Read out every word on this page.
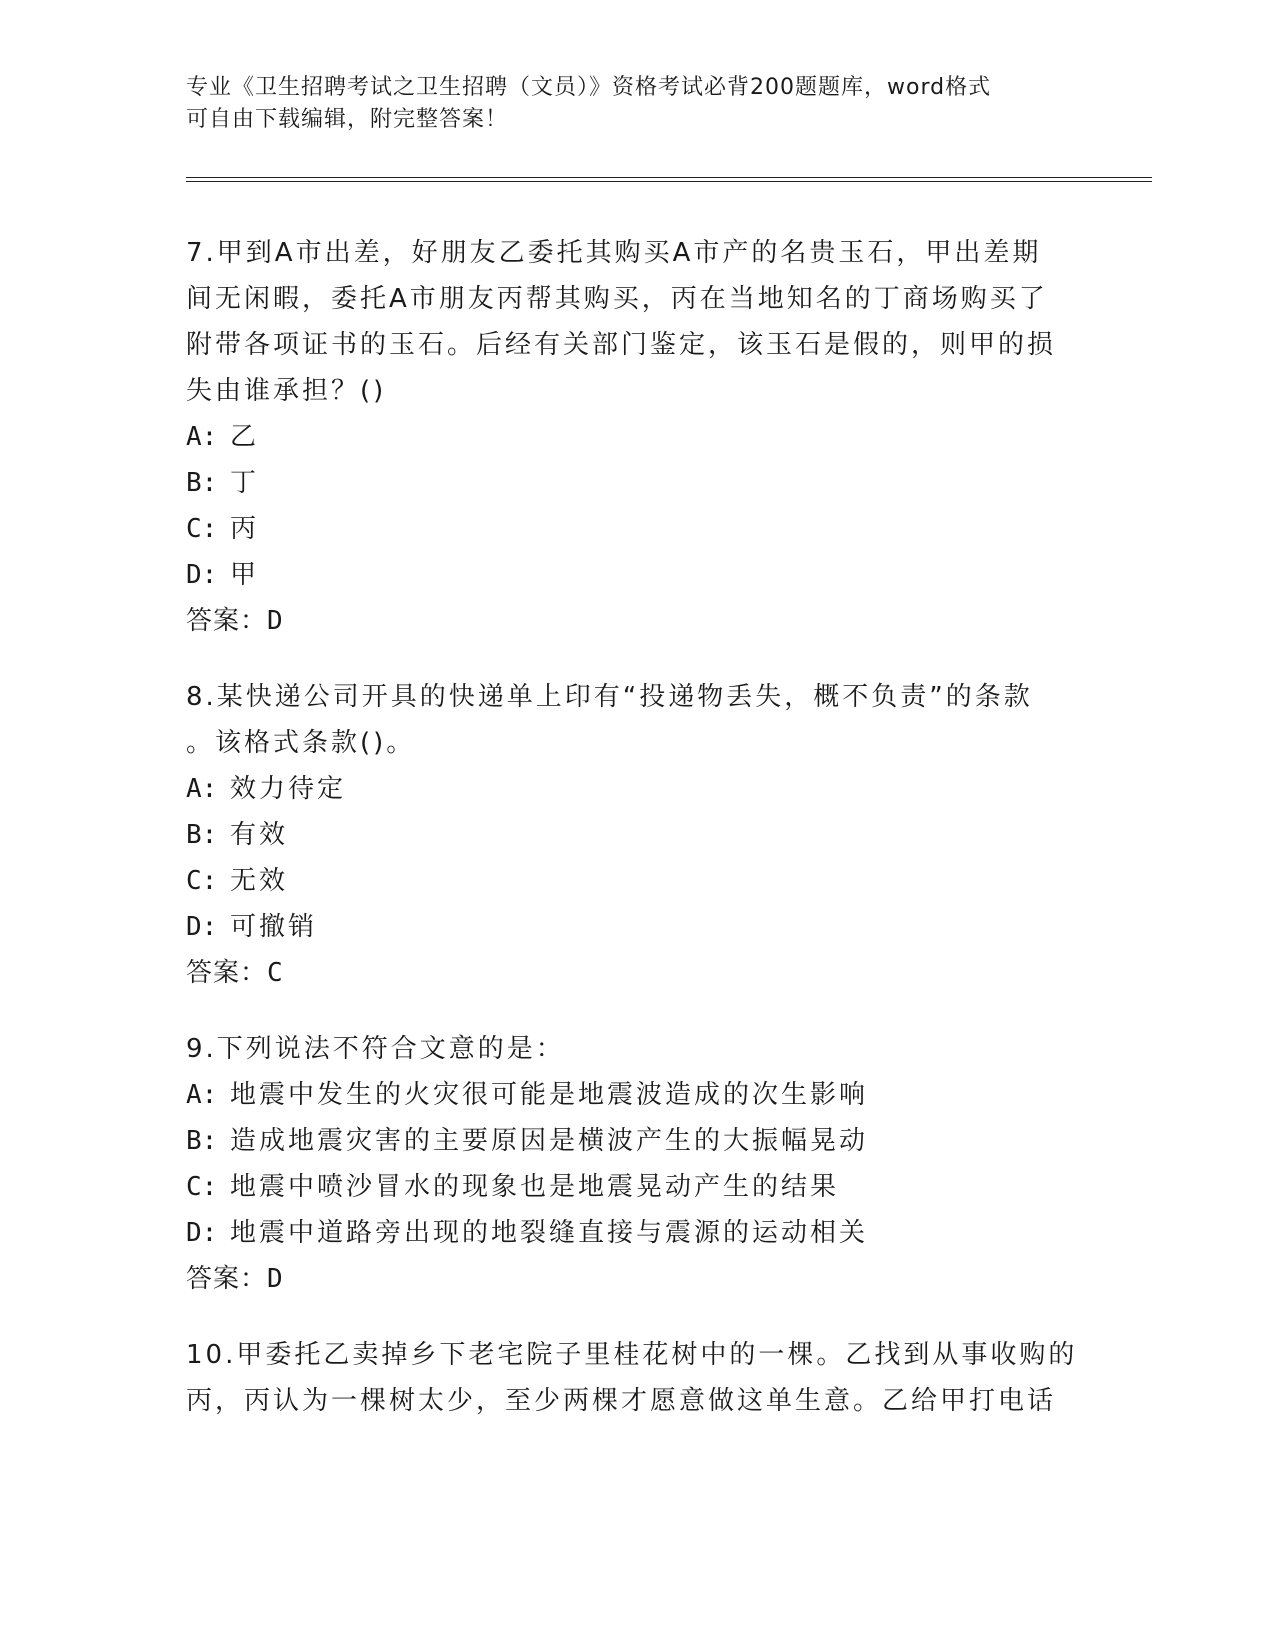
专业《卫生招聘考试之卫生招聘（文员）》资格考试必背200题题库，word格式
可自由下载编辑，附完整答案！
7.甲到A市出差，好朋友乙委托其购买A市产的名贵玉石，甲出差期
间无闲暇，委托A市朋友丙帮其购买，丙在当地知名的丁商场购买了
附带各项证书的玉石。后经有关部门鉴定，该玉石是假的，则甲的损
失由谁承担？()
A: 乙
B: 丁
C: 丙
D: 甲
答案：D
8.某快递公司开具的快递单上印有“投递物丢失，概不负责”的条款
。该格式条款()。
A: 效力待定
B: 有效
C: 无效
D: 可撤销
答案：C
9.下列说法不符合文意的是：
A: 地震中发生的火灾很可能是地震波造成的次生影响
B: 造成地震灾害的主要原因是横波产生的大振幅晃动
C: 地震中喷沙冒水的现象也是地震晃动产生的结果
D: 地震中道路旁出现的地裂缝直接与震源的运动相关
答案：D
10.甲委托乙卖掉乡下老宅院子里桂花树中的一棵。乙找到从事收购的
丙，丙认为一棵树太少，至少两棵才愿意做这单生意。乙给甲打电话
